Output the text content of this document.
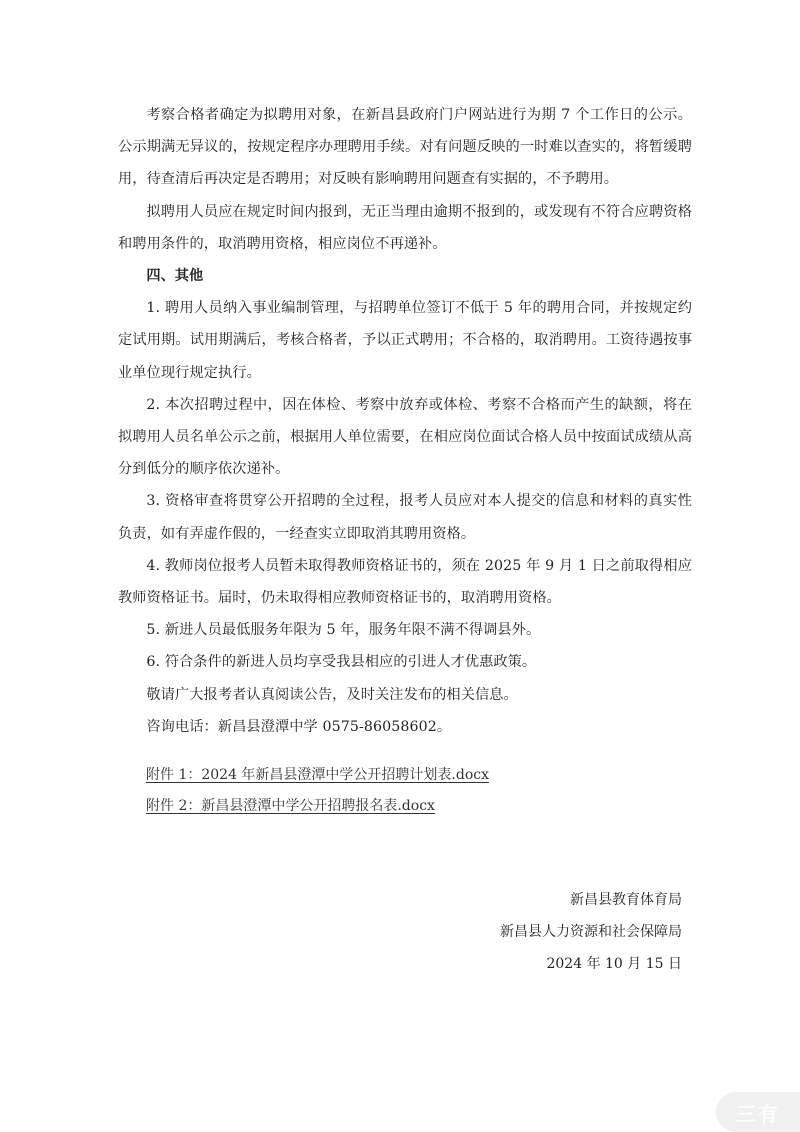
考察合格者确定为拟聘用对象，在新昌县政府门户网站进行为期 7 个工作日的公示。公示期满无异议的，按规定程序办理聘用手续。对有问题反映的一时难以查实的，将暂缓聘用，待查清后再决定是否聘用；对反映有影响聘用问题查有实据的，不予聘用。

拟聘用人员应在规定时间内报到，无正当理由逾期不报到的，或发现有不符合应聘资格和聘用条件的，取消聘用资格，相应岗位不再递补。

四、其他

1. 聘用人员纳入事业编制管理，与招聘单位签订不低于 5 年的聘用合同，并按规定约定试用期。试用期满后，考核合格者，予以正式聘用；不合格的，取消聘用。工资待遇按事业单位现行规定执行。

2. 本次招聘过程中，因在体检、考察中放弃或体检、考察不合格而产生的缺额，将在拟聘用人员名单公示之前，根据用人单位需要，在相应岗位面试合格人员中按面试成绩从高分到低分的顺序依次递补。

3. 资格审查将贯穿公开招聘的全过程，报考人员应对本人提交的信息和材料的真实性负责，如有弄虚作假的，一经查实立即取消其聘用资格。

4. 教师岗位报考人员暂未取得教师资格证书的，须在 2025 年 9 月 1 日之前取得相应教师资格证书。届时，仍未取得相应教师资格证书的，取消聘用资格。

5. 新进人员最低服务年限为 5 年，服务年限不满不得调县外。

6. 符合条件的新进人员均享受我县相应的引进人才优惠政策。

敬请广大报考者认真阅读公告，及时关注发布的相关信息。

咨询电话：新昌县澄潭中学 0575-86058602。

附件 1：2024 年新昌县澄潭中学公开招聘计划表.docx
附件 2：新昌县澄潭中学公开招聘报名表.docx

新昌县教育体育局

新昌县人力资源和社会保障局

2024 年 10 月 15 日

三有
